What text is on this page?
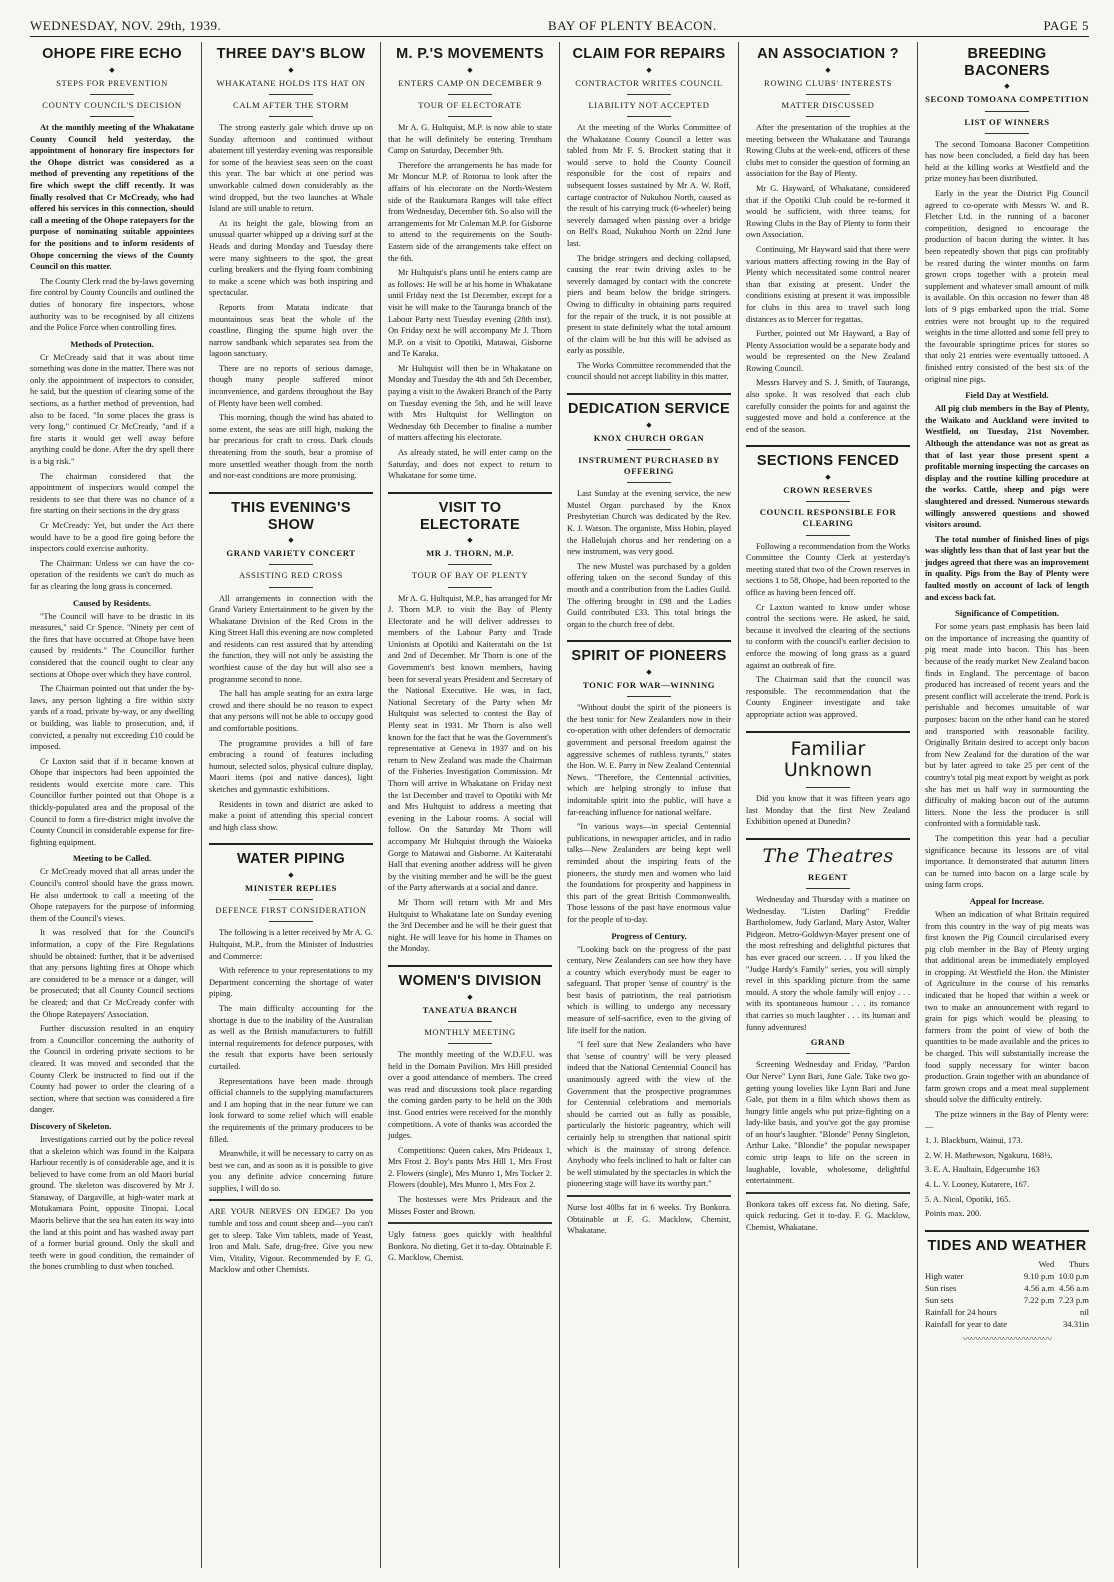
WEDNESDAY, NOV. 29th, 1939.	BAY OF PLENTY BEACON.	PAGE 5
OHOPE FIRE ECHO
◆
STEPS FOR PREVENTION
COUNTY COUNCIL'S DECISION

At the monthly meeting of the Whakatane County Council held yesterday, the appointment of honorary fire inspectors for the Ohope district was considered as a method of preventing any repetitions of the fire which swept the cliff recently. It was finally resolved that Cr McCready, who had offered his services in this connection, should call a meeting of the Ohope ratepayers for the purpose of nominating suitable appointees for the positions and to inform residents of Ohope concerning the views of the County Council on this matter.

The County Clerk read the by-laws governing fire control by County Councils and outlined the duties of honorary fire inspectors, whose authority was to be recognised by all citizens and the Police Force when controlling fires.

Methods of Protection.

Cr McCready said that it was about time something was done in the matter. There was not only the appointment of inspectors to consider, he said, but the question of clearing some of the sections, as a further method of prevention, had also to be faced. "In some places the grass is very long," continued Cr McCready, "and if a fire starts it would get well away before anything could be done. After the dry spell there is a big risk."

The chairman considered that the appointment of inspectors would compel the residents to see that there was no chance of a fire starting on their sections in the dry grass

Cr McCready: Yet, but under the Act there would have to be a good fire going before the inspectors could exercise authority.

The Chairman: Unless we can have the co-operation of the residents we can't do much as far as clearing the long grass is concerned.

Caused by Residents.

"The Council will have to be drastic in its measures," said Cr Spence. "Ninety per cent of the fires that have occurred at Ohope have been caused by residents." The Councillor further considered that the council ought to clear any sections at Ohope over which they have control.

The Chairman pointed out that under the by-laws, any person lighting a fire within sixty yards of a road, private by-way, or any dwelling or building, was liable to prosecution, and, if convicted, a penalty not exceeding £10 could be imposed.

Cr Laxton said that if it became known at Ohope that inspectors had been appointed the residents would exercise more care. This Councillor further pointed out that Ohope is a thickly-populated area and the proposal of the Council to form a fire-district might involve the County Council in considerable expense for fire-fighting equipment.

Meeting to be Called.

Cr McCready moved that all areas under the Council's control should have the grass mown. He also undertook to call a meeting of the Ohope ratepayers for the purpose of informing them of the Council's views.

It was resolved that for the Council's information, a copy of the Fire Regulations should be obtained: further, that it be advertised that any persons lighting fires at Ohope which are considered to be a menace or a danger, will be prosecuted; that all County Council sections be cleared; and that Cr McCready confer with the Ohope Ratepayers' Association.

Further discussion resulted in an enquiry from a Councillor concerning the authority of the Council in ordering private sections to be cleared. It was moved and seconded that the County Clerk be instructed to find out if the County had power to order the clearing of a section, where that section was considered a fire danger.

Discovery of Skeleton.

Investigations carried out by the police reveal that a skeleton which was found in the Kaipara Harbour recently is of considerable age, and it is believed to have come from an old Maori burial ground. The skeleton was discovered by Mr J. Stanaway, of Dargaville, at high-water mark at Motukamara Point, opposite Tinopai. Local Maoris believe that the sea has eaten its way into the land at this point and has washed away part of a former burial ground. Only the skull and teeth were in good condition, the remainder of the bones crumbling to dust when touched.

THREE DAY'S BLOW
◆
WHAKATANE HOLDS ITS HAT ON
CALM AFTER THE STORM

The strong easterly gale which drove up on Sunday afternoon and continued without abatement till yesterday evening was responsible for some of the heaviest seas seen on the coast this year. The bar which at one period was unworkable calmed down considerably as the wind dropped, but the two launches at Whale Island are still unable to return.

At its height the gale, blowing from an unusual quarter whipped up a driving surf at the Heads and during Monday and Tuesday there were many sightseers to the spot, the great curling breakers and the flying foam combining to make a scene which was both inspiring and spectacular.

Reports from Matata indicate that mountainous seas beat the whole of the coastline, flinging the spume high over the narrow sandbank which separates sea from the lagoon sanctuary.

There are no reports of serious damage, though many people suffered minor inconvenience, and gardens throughout the Bay of Plenty have been well combed.

This morning, though the wind has abated to some extent, the seas are still high, making the bar precarious for craft to cross. Dark clouds threatening from the south, bear a promise of more unsettled weather though from the north and nor-east conditions are more promising.

THIS EVENING'S SHOW
◆
GRAND VARIETY CONCERT
ASSISTING RED CROSS

All arrangements in connection with the Grand Variety Entertainment to be given by the Whakatane Division of the Red Cross in the King Street Hall this evening are now completed and residents can rest assured that by attending the function, they will not only be assisting the worthiest cause of the day but will also see a programme second to none.

The hall has ample seating for an extra large crowd and there should be no reason to expect that any persons will not be able to occupy good and comfortable positions.

The programme provides a bill of fare embracing a round of features including humour, selected solos, physical culture display, Maori items (poi and native dances), light sketches and gymnastic exhibitions.

Residents in town and district are asked to make a point of attending this special concert and high class show.

WATER PIPING
◆
MINISTER REPLIES
DEFENCE FIRST CONSIDERATION

The following is a letter received by Mr A. G. Hultquist, M.P., from the Minister of Industries and Commerce:

With reference to your representations to my Department concerning the shortage of water piping.

The main difficulty accounting for the shortage is due to the inability of the Australian as well as the British manufacturers to fulfill internal requirements for defence purposes, with the result that exports have been seriously curtailed.

Representations have been made through official channels to the supplying manufacturers and I am hoping that in the near future we can look forward to some relief which will enable the requirements of the primary producers to be filled.

Meanwhile, it will be necessary to carry on as best we can, and as soon as it is possible to give you any definite advice concerning future supplies, I will do so.

ARE YOUR NERVES ON EDGE? Do you tumble and toss and count sheep and—you can't get to sleep. Take Vim tablets, made of Yeast, Iron and Malt. Safe, drug-free. Give you new Vim, Vitality, Vigour. Recommended by F. G. Macklow and other Chemists.

M. P.'S MOVEMENTS
◆
ENTERS CAMP ON DECEMBER 9
TOUR OF ELECTORATE

Mr A. G. Hultquist, M.P. is now able to state that he will definitely be entering Trentham Camp on Saturday, December 9th.

Therefore the arrangements he has made for Mr Moncur M.P. of Rotorua to look after the affairs of his electorate on the North-Western side of the Raukumara Ranges will take effect from Wednesday, December 6th. So also will the arrangements for Mr Coleman M.P. for Gisborne to attend to the requirements on the South-Eastern side of the arrangements take effect on the 6th.

Mr Hultquist's plans until he enters camp are as follows: He will be at his home in Whakatane until Friday next the 1st December, except for a visit he will make to the Tauranga branch of the Labour Party next Tuesday evening (28th inst). On Friday next he will accompany Mr J. Thorn M.P. on a visit to Opotiki, Matawai, Gisborne and Te Karaka.

Mr Hultquist will then be in Whakatane on Monday and Tuesday the 4th and 5th December, paying a visit to the Awakeri Branch of the Party on Tuesday evening the 5th, and he will leave with Mrs Hultquist for Wellington on Wednesday 6th December to finalise a number of matters affecting his electorate.

As already stated, he will enter camp on the Saturday, and does not expect to return to Whakatane for some time.

VISIT TO ELECTORATE
◆
MR J. THORN, M.P.
TOUR OF BAY OF PLENTY

Mr A. G. Hultquist, M.P., has arranged for Mr J. Thorn M.P. to visit the Bay of Plenty Electorate and he will deliver addresses to members of the Labour Party and Trade Unionists at Opotiki and Kaiteratahi on the 1st and 2nd of December. Mr Thorn is one of the Government's best known members, having been for several years President and Secretary of the National Executive. He was, in fact, National Secretary of the Party when Mr Hultquist was selected to contest the Bay of Plenty seat in 1931. Mr Thorn is also well known for the fact that he was the Government's representative at Geneva in 1937 and on his return to New Zealand was made the Chairman of the Fisheries Investigation Commission. Mr Thorn will arrive in Whakatane on Friday next the 1st December and travel to Opotiki with Mr and Mrs Hultquist to address a meeting that evening in the Labour rooms. A social will follow. On the Saturday Mr Thorn will accompany Mr Hultquist through the Waioeka Gorge to Matawai and Gisborne. At Kaiteratahi Hall that evening another address will be given by the visiting member and he will be the guest of the Party afterwards at a social and dance.

Mr Thorn will return with Mr and Mrs Hultquist to Whakatane late on Sunday evening the 3rd December and he will be their guest that night. He will leave for his home in Thames on the Monday.

WOMEN'S DIVISION
◆
TANEATUA BRANCH
MONTHLY MEETING

The monthly meeting of the W.D.F.U. was held in the Domain Pavilion. Mrs Hill presided over a good attendance of members. The creed was read and discussions took place regarding the coming garden party to be held on the 30th inst. Good entries were received for the monthly competitions. A vote of thanks was accorded the judges.

Competitions: Queen cakes, Mrs Prideaux 1, Mrs Frost 2. Boy's pants Mrs Hill 1, Mrs Frost 2. Flowers (single), Mrs Munro 1, Mrs Tocker 2. Flowers (double), Mrs Munro 1, Mrs Fox 2.

The hostesses were Mrs Prideaux and the Misses Foster and Brown.

Ugly fatness goes quickly with healthful Bonkora. No dieting. Get it to-day. Obtainable F. G. Macklow, Chemist.

CLAIM FOR REPAIRS
◆
CONTRACTOR WRITES COUNCIL
LIABILITY NOT ACCEPTED

At the meeting of the Works Committee of the Whakatane County Council a letter was tabled from Mr F. S. Brockett stating that it would serve to hold the County Council responsible for the cost of repairs and subsequent losses sustained by Mr A. W. Roff, cartage contractor of Nukuhou North, caused as the result of his carrying truck (6-wheeler) being severely damaged when passing over a bridge on Bell's Road, Nukuhou North on 22nd June last.

The bridge stringers and decking collapsed, causing the rear twin driving axles to be severely damaged by contact with the concrete piers and beam below the bridge stringers. Owing to difficulty in obtaining parts required for the repair of the truck, it is not possible at present to state definitely what the total amount of the claim will be but this will be advised as early as possible.

The Works Committee recommended that the council should not accept liability in this matter.

DEDICATION SERVICE
◆
KNOX CHURCH ORGAN
INSTRUMENT PURCHASED BY OFFERING

Last Sunday at the evening service, the new Mustel Organ purchased by the Knox Presbyterian Church was dedicated by the Rev. K. J. Watson. The organiste, Miss Hobin, played the Hallelujah chorus and her rendering on a new instrument, was very good.

The new Mustel was purchased by a golden offering taken on the second Sunday of this month and a contribution from the Ladies Guild. The offering brought in £98 and the Ladies Guild contributed £33. This total brings the organ to the church free of debt.

SPIRIT OF PIONEERS
◆
TONIC FOR WAR—WINNING

"Without doubt the spirit of the pioneers is the best tonic for New Zealanders now in their co-operation with other defenders of democratic government and personal freedom against the aggressive schemes of ruthless tyrants," states the Hon. W. E. Parry in New Zealand Centennial News. "Therefore, the Centennial activities, which are helping strongly to infuse that indomitable spirit into the public, will have a far-reaching influence for national welfare.

"In various ways—in special Centennial publications, in newspaper articles, and in radio talks—New Zealanders are being kept well reminded about the inspiring feats of the pioneers, the sturdy men and women who laid the foundations for prosperity and happiness in this part of the great British Commonwealth. Those lessons of the past have enormous value for the people of to-day.

Progress of Century.

"Looking back on the progress of the past century, New Zealanders can see how they have a country which everybody must be eager to safeguard. That proper 'sense of country' is the best basis of patriotism, the real patriotism which is willing to undergo any necessary measure of self-sacrifice, even to the giving of life itself for the nation.

"I feel sure that New Zealanders who have that 'sense of country' will be very pleased indeed that the National Centennial Council has unanimously agreed with the view of the Government that the prospective programmes for Centennial celebrations and memorials should be carried out as fully as possible, particularly the historic pageantry, which will certainly help to strengthen that national spirit which is the mainstay of strong defence. Anybody who feels inclined to halt or falter can be well stimulated by the spectacles in which the pioneering stage will have its worthy part."

Nurse lost 40lbs fat in 6 weeks. Try Bonkora. Obtainable at F. G. Macklow, Chemist, Whakatane.

AN ASSOCIATION ?
◆
ROWING CLUBS' INTERESTS
MATTER DISCUSSED

After the presentation of the trophies at the meeting between the Whakatane and Tauranga Rowing Clubs at the week-end, officers of these clubs met to consider the question of forming an association for the Bay of Plenty.

Mr G. Hayward, of Whakatane, considered that if the Opotiki Club could be re-formed it would be sufficient, with three teams, for Rowing Clubs in the Bay of Plenty to form their own Association.

Continuing, Mr Hayward said that there were various matters affecting rowing in the Bay of Plenty which necessitated some control nearer than that existing at present. Under the conditions existing at present it was impossible for clubs in this area to travel such long distances as to Mercer for regattas.

Further, pointed out Mr Hayward, a Bay of Plenty Association would be a separate body and would be represented on the New Zealand Rowing Council.

Messrs Harvey and S. J. Smith, of Tauranga, also spoke. It was resolved that each club carefully consider the points for and against the suggested move and hold a conference at the end of the season.

SECTIONS FENCED
◆
CROWN RESERVES
COUNCIL RESPONSIBLE FOR CLEARING

Following a recommendation from the Works Committee the County Clerk at yesterday's meeting stated that two of the Crown reserves in sections 1 to 58, Ohope, had been reported to the office as having been fenced off.

Cr Laxton wanted to know under whose control the sections were. He asked, he said, because it involved the clearing of the sections to conform with the council's earlier decision to enforce the mowing of long grass as a guard against an outbreak of fire.

The Chairman said that the council was responsible. The recommendation that the County Engineer investigate and take appropriate action was approved.

Familiar Unknown

Did you know that it was fifteen years ago last Monday that the first New Zealand Exhibition opened at Dunedin?

The Theatres
REGENT

Wednesday and Thursday with a matinee on Wednesday. "Listen Darling" Freddie Bartholomew, Judy Garland, Mary Astor, Walter Pidgeon. Metro-Goldwyn-Mayer present one of the most refreshing and delightful pictures that has ever graced our screen. . . If you liked the "Judge Hardy's Family" series, you will simply revel in this sparkling picture from the same mould. A story the whole family will enjoy . . . with its spontaneous humour . . . its romance that carries so much laughter . . . its human and funny adventures!

GRAND

Screening Wednesday and Friday, "Pardon Our Nerve" Lynn Bari, June Gale. Take two go-getting young lovelies like Lynn Bari and June Gale, put them in a film which shows them as hungry little angels who put prize-fighting on a lady-like basis, and you've got the gay promise of an hour's laughter. "Blonde" Penny Singleton, Arthur Lake. "Blondie" the popular newspaper comic strip leaps to life on the screen in laughable, lovable, wholesome, delightful entertainment.

Bonkora takes off excess fat. No dieting. Safe, quick reducing. Get it to-day. F. G. Macklow, Chemist, Whakatane.

BREEDING BACONERS
◆
SECOND TOMOANA COMPETITION
LIST OF WINNERS

The second Tomoana Baconer Competition has now been concluded, a field day has been held at the killing works at Westfield and the prize money has been distributed.

Early in the year the District Pig Council agreed to co-operate with Messrs W. and R. Fletcher Ltd. in the running of a baconer competition, designed to encourage the production of bacon during the winter. It has been repeatedly shown that pigs can profitably be reared during the winter months on farm grown crops together with a protein meal supplement and whatever small amount of milk is available. On this occasion no fewer than 48 lots of 9 pigs embarked upon the trial. Some entries were not brought up to the required weights in the time allotted and some fell prey to the favourable springtime prices for stores so that only 21 entries were eventually tattooed. A finished entry consisted of the best six of the original nine pigs.

Field Day at Westfield.

All pig club members in the Bay of Plenty, the Waikato and Auckland were invited to Westfield, on Tuesday, 21st November. Although the attendance was not as great as that of last year those present spent a profitable morning inspecting the carcases on display and the routine killing procedure at the works. Cattle, sheep and pigs were slaughtered and dressed. Numerous stewards willingly answered questions and showed visitors around.

The total number of finished lines of pigs was slightly less than that of last year but the judges agreed that there was an improvement in quality. Pigs from the Bay of Plenty were faulted mostly on account of lack of length and excess back fat.

Significance of Competition.

For some years past emphasis has been laid on the importance of increasing the quantity of pig meat made into bacon. This has been because of the ready market New Zealand bacon finds in England. The percentage of bacon produced has increased of recent years and the present conflict will accelerate the trend. Pork is perishable and becomes unsuitable of war purposes: bacon on the other hand can be stored and transported with reasonable facility. Originally Britain desired to accept only bacon from New Zealand for the duration of the war but by later agreed to take 25 per cent of the country's total pig meat export by weight as pork she has met us half way in surmounting the difficulty of making bacon out of the autumn litters. None the less the producer is still confronted with a formidable task.

The competition this year had a peculiar significance because its lessons are of vital importance. It demonstrated that autumn litters can be turned into bacon on a large scale by using farm crops.

Appeal for Increase.

When an indication of what Britain required from this country in the way of pig meats was first known the Pig Council circularised every pig club member in the Bay of Plenty urging that additional areas be immediately employed in cropping. At Westfield the Hon. the Minister of Agriculture in the course of his remarks indicated that he hoped that within a week or two to make an announcement with regard to grain for pigs which would be pleasing to farmers from the point of view of both the quantities to be made available and the prices to be charged. This will substantially increase the food supply necessary for winter bacon production. Grain together with an abundance of farm grown crops and a meat meal supplement should solve the difficulty entirely.

The prize winners in the Bay of Plenty were:—

1. J. Blackburn, Wainui, 173.

2. W. H. Mathewson, Ngakuru, 168½.

3. E. A. Haultain, Edgecumbe 163

4. L. V. Looney, Kutarere, 167.

5. A. Nicol, Opotiki, 165.

Points max. 200.

TIDES AND WEATHER
	Wed	Thurs
High water	9.10 p.m	10.0 p.m
Sun rises	4.56 a.m	4.56 a.m
Sun sets	7.22 p.m	7.23 p.m
Rainfall for 24 hours		nil
Rainfall for year to date		34.31in
〰〰〰〰〰〰〰〰〰〰〰
